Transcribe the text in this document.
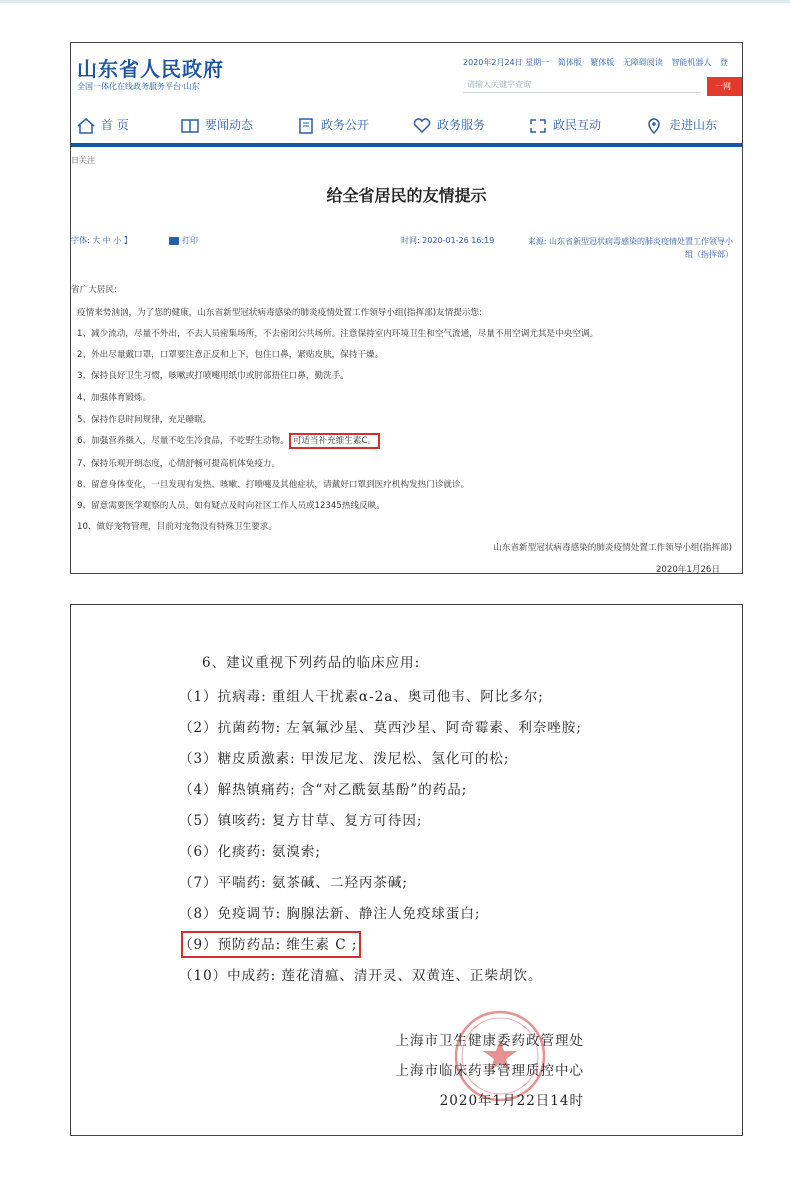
山东省人民政府
全国一体化在线政务服务平台·山东
2020年2月24日 星期一 简体版 繁体版 无障碍阅读 智能机器人 登
请输入关键字查询	一网
首 页	要闻动态	政务公开	政务服务	政民互动	走进山东
日关注
给全省居民的友情提示
字体: 大 中 小 】	打印	时间: 2020-01-26 16:19	来源: 山东省新型冠状病毒感染的肺炎疫情处置工作领导小组（指挥部）
省广大居民:
疫情来势汹汹，为了您的健康，山东省新型冠状病毒感染的肺炎疫情处置工作领导小组(指挥部)友情提示您:
1、减少流动，尽量不外出，不去人员密集场所，不去密闭公共场所。注意保持室内环境卫生和空气流通，尽量不用空调尤其是中央空调。
2、外出尽量戴口罩，口罩要注意正反和上下，包住口鼻，紧贴皮肤，保持干燥。
3、保持良好卫生习惯，咳嗽或打喷嚏用纸巾或肘部捂住口鼻，勤洗手。
4、加强体育锻炼。
5、保持作息时间规律，充足睡眠。
6、加强营养摄入，尽量不吃生冷食品，不吃野生动物。 可适当补充维生素C。
7、保持乐观开朗态度，心情舒畅可提高机体免疫力。
8、留意身体变化，一旦发现有发热、咳嗽、打喷嚏及其他症状，请戴好口罩到医疗机构发热门诊就诊。
9、留意需要医学观察的人员，如有疑点及时向社区工作人员或12345热线反映。
10、做好宠物管理，目前对宠物没有特殊卫生要求。
山东省新型冠状病毒感染的肺炎疫情处置工作领导小组(指挥部)
2020年1月26日
6、建议重视下列药品的临床应用:
（1）抗病毒: 重组人干扰素α-2a、奥司他韦、阿比多尔;
（2）抗菌药物: 左氧氟沙星、莫西沙星、阿奇霉素、利奈唑胺;
（3）糖皮质激素: 甲泼尼龙、泼尼松、氢化可的松;
（4）解热镇痛药: 含“对乙酰氨基酚”的药品;
（5）镇咳药: 复方甘草、复方可待因;
（6）化痰药: 氨溴索;
（7）平喘药: 氨茶碱、二羟丙茶碱;
（8）免疫调节: 胸腺法新、静注人免疫球蛋白;
（9）预防药品: 维生素 C ;
（10）中成药: 莲花清瘟、清开灵、双黄连、正柴胡饮。
上海市卫生健康委药政管理处
上海市临床药事管理质控中心
2020年1月22日14时
